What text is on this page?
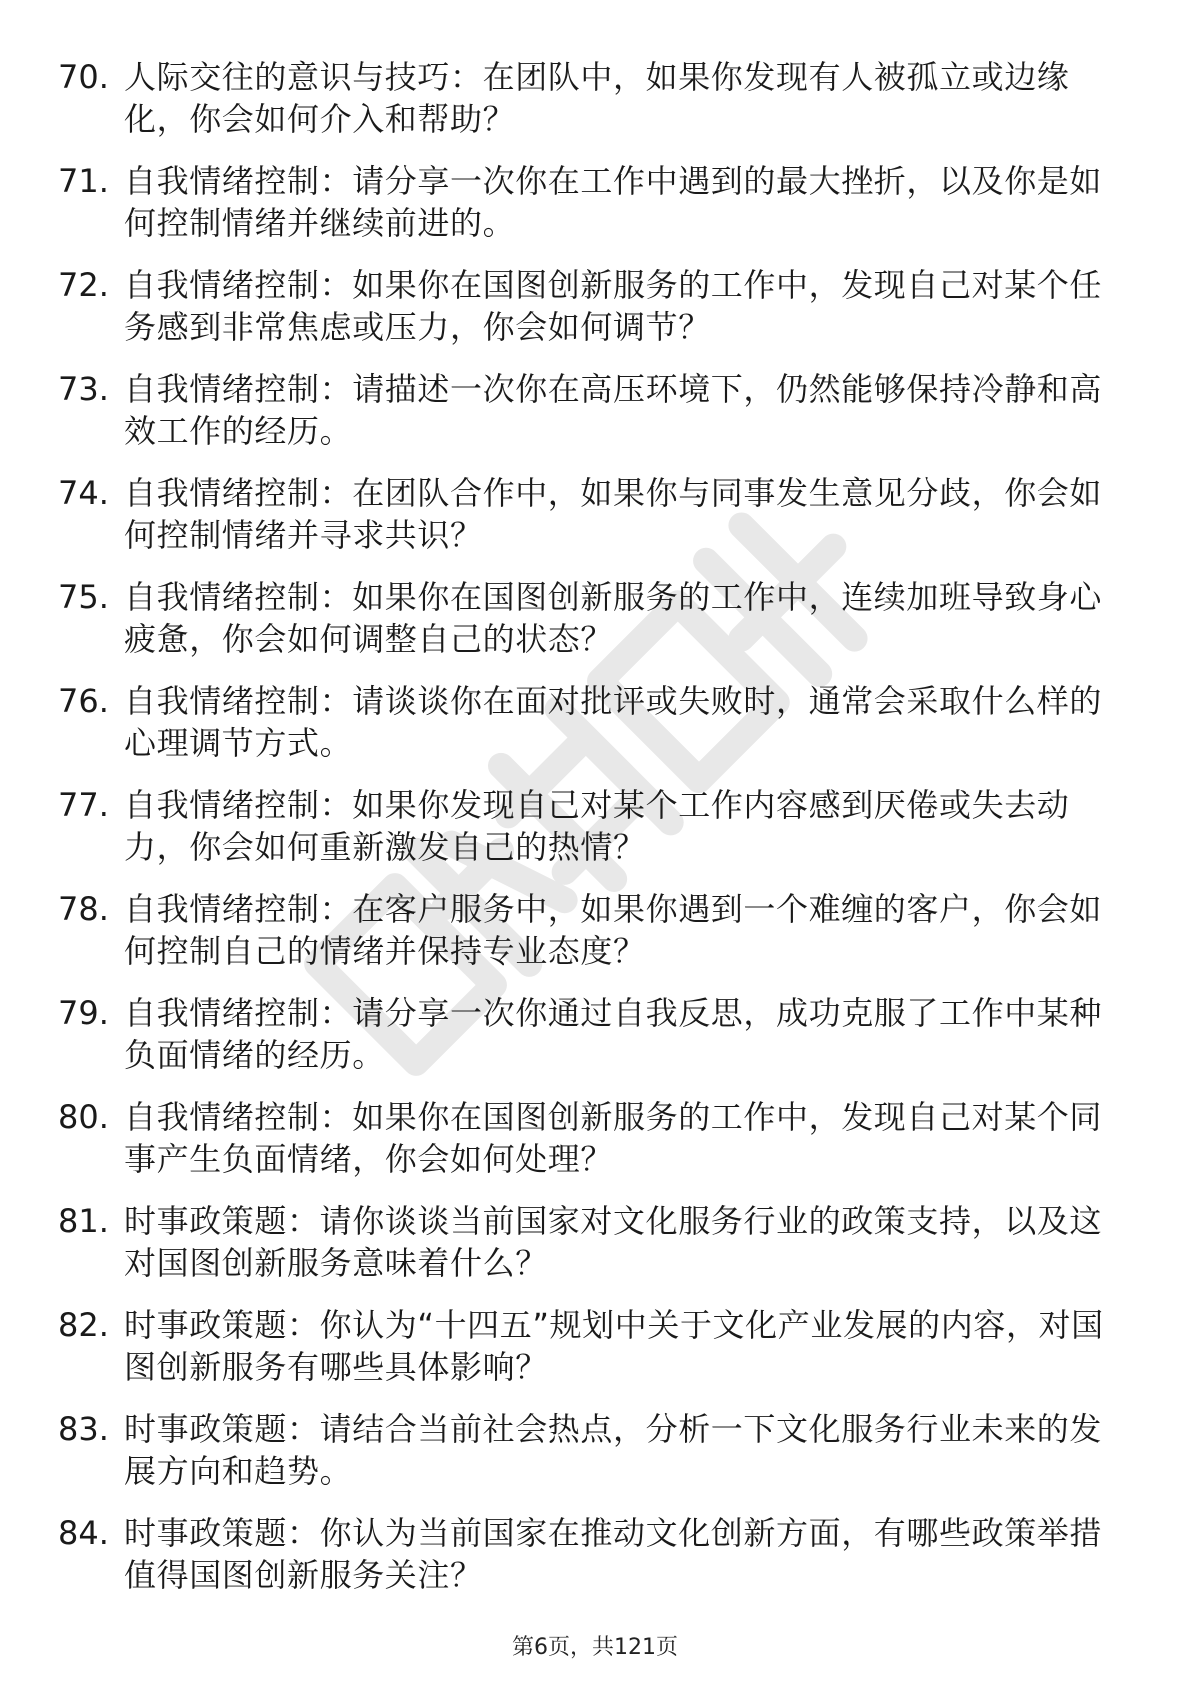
70. 人际交往的意识与技巧：在团队中，如果你发现有人被孤立或边缘化，你会如何介入和帮助？
71. 自我情绪控制：请分享一次你在工作中遇到的最大挫折，以及你是如何控制情绪并继续前进的。
72. 自我情绪控制：如果你在国图创新服务的工作中，发现自己对某个任务感到非常焦虑或压力，你会如何调节？
73. 自我情绪控制：请描述一次你在高压环境下，仍然能够保持冷静和高效工作的经历。
74. 自我情绪控制：在团队合作中，如果你与同事发生意见分歧，你会如何控制情绪并寻求共识？
75. 自我情绪控制：如果你在国图创新服务的工作中，连续加班导致身心疲惫，你会如何调整自己的状态？
76. 自我情绪控制：请谈谈你在面对批评或失败时，通常会采取什么样的心理调节方式。
77. 自我情绪控制：如果你发现自己对某个工作内容感到厌倦或失去动力，你会如何重新激发自己的热情？
78. 自我情绪控制：在客户服务中，如果你遇到一个难缠的客户，你会如何控制自己的情绪并保持专业态度？
79. 自我情绪控制：请分享一次你通过自我反思，成功克服了工作中某种负面情绪的经历。
80. 自我情绪控制：如果你在国图创新服务的工作中，发现自己对某个同事产生负面情绪，你会如何处理？
81. 时事政策题：请你谈谈当前国家对文化服务行业的政策支持，以及这对国图创新服务意味着什么？
82. 时事政策题：你认为“十四五”规划中关于文化产业发展的内容，对国图创新服务有哪些具体影响？
83. 时事政策题：请结合当前社会热点，分析一下文化服务行业未来的发展方向和趋势。
84. 时事政策题：你认为当前国家在推动文化创新方面，有哪些政策举措值得国图创新服务关注？
第6页，共121页
